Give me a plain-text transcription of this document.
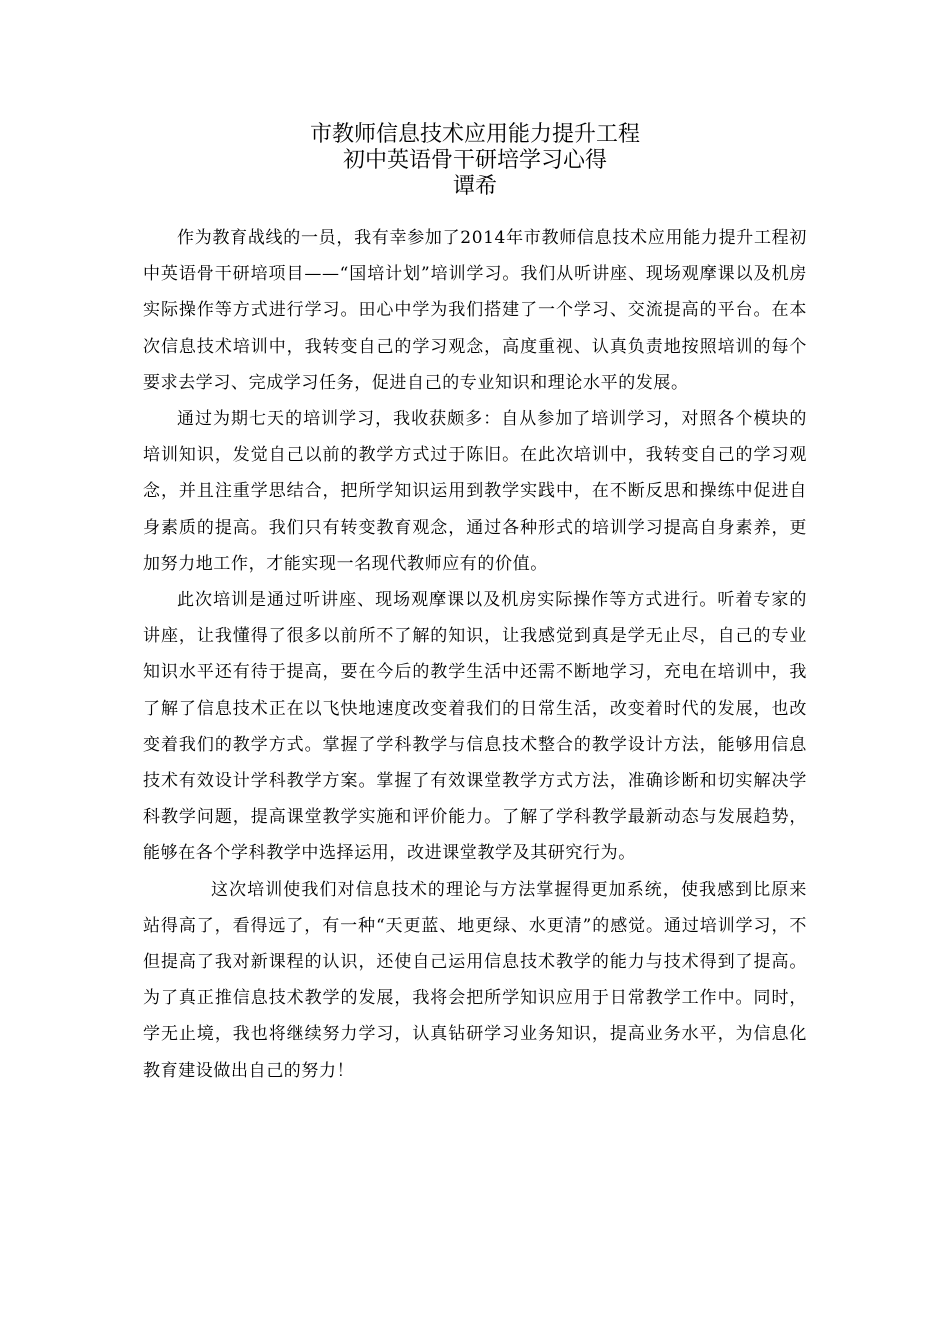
市教师信息技术应用能力提升工程
初中英语骨干研培学习心得
谭希

作为教育战线的一员，我有幸参加了2014年市教师信息技术应用能力提升工程初中英语骨干研培项目——“国培计划”培训学习。我们从听讲座、现场观摩课以及机房实际操作等方式进行学习。田心中学为我们搭建了一个学习、交流提高的平台。在本次信息技术培训中，我转变自己的学习观念，高度重视、认真负责地按照培训的每个要求去学习、完成学习任务，促进自己的专业知识和理论水平的发展。

通过为期七天的培训学习，我收获颇多：自从参加了培训学习，对照各个模块的培训知识，发觉自己以前的教学方式过于陈旧。在此次培训中，我转变自己的学习观念，并且注重学思结合，把所学知识运用到教学实践中，在不断反思和操练中促进自身素质的提高。我们只有转变教育观念，通过各种形式的培训学习提高自身素养，更加努力地工作，才能实现一名现代教师应有的价值。

此次培训是通过听讲座、现场观摩课以及机房实际操作等方式进行。听着专家的讲座，让我懂得了很多以前所不了解的知识，让我感觉到真是学无止尽，自己的专业知识水平还有待于提高，要在今后的教学生活中还需不断地学习，充电在培训中，我了解了信息技术正在以飞快地速度改变着我们的日常生活，改变着时代的发展，也改变着我们的教学方式。掌握了学科教学与信息技术整合的教学设计方法，能够用信息技术有效设计学科教学方案。掌握了有效课堂教学方式方法，准确诊断和切实解决学科教学问题，提高课堂教学实施和评价能力。了解了学科教学最新动态与发展趋势，能够在各个学科教学中选择运用，改进课堂教学及其研究行为。

这次培训使我们对信息技术的理论与方法掌握得更加系统，使我感到比原来站得高了，看得远了，有一种“天更蓝、地更绿、水更清”的感觉。通过培训学习，不但提高了我对新课程的认识，还使自己运用信息技术教学的能力与技术得到了提高。为了真正推信息技术教学的发展，我将会把所学知识应用于日常教学工作中。同时，学无止境，我也将继续努力学习，认真钻研学习业务知识，提高业务水平，为信息化教育建设做出自己的努力！
